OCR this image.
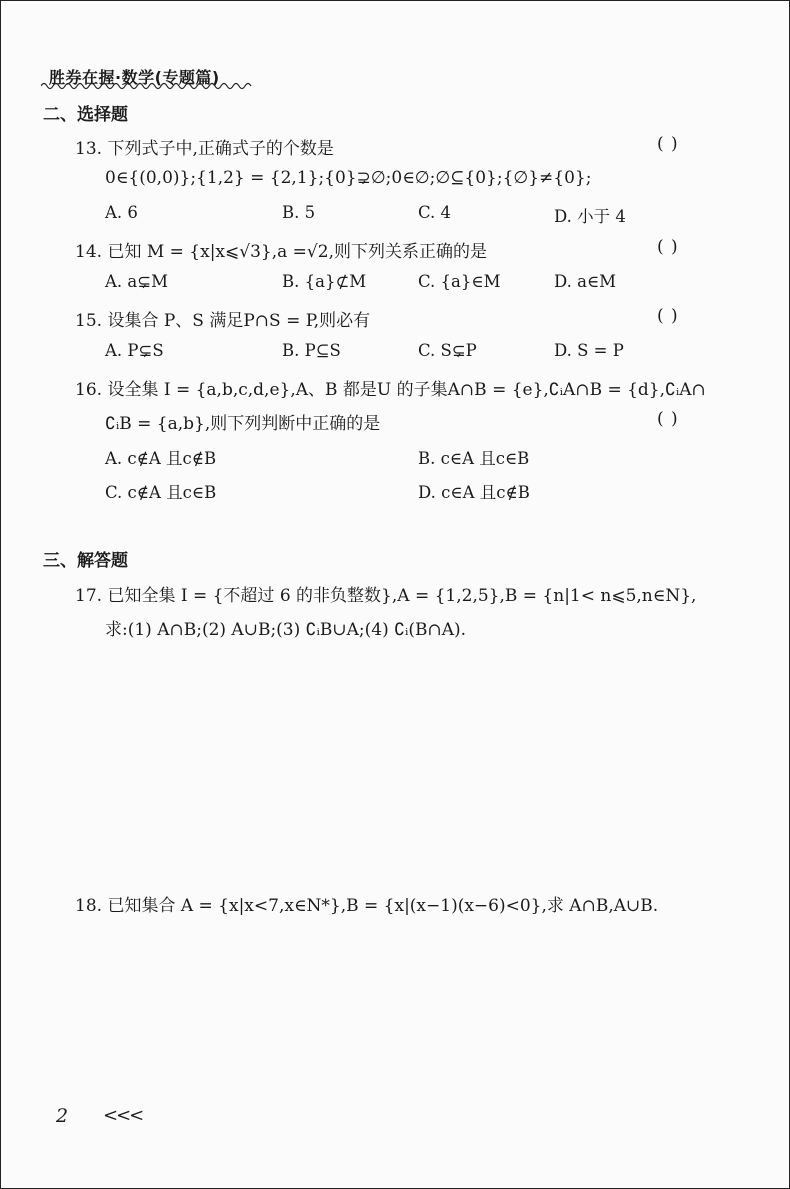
胜券在握·数学(专题篇)
二、选择题
13. 下列式子中,正确式子的个数是	( )
0∈{(0,0)};{1,2} = {2,1};{0}⊋∅;0∈∅;∅⊆{0};{∅}≠{0};
A. 6	B. 5	C. 4	D. 小于 4
14. 已知 M = {x|x⩽√3},a =√2,则下列关系正确的是	( )
A. a⊊M	B. {a}⊄M	C. {a}∈M	D. a∈M
15. 设集合 P、S 满足P∩S = P,则必有	( )
A. P⊊S	B. P⊆S	C. S⊊P	D. S = P
16. 设全集 I = {a,b,c,d,e},A、B 都是U 的子集A∩B = {e},∁ᵢA∩B = {d},∁ᵢA∩
∁ᵢB = {a,b},则下列判断中正确的是	( )
A. c∉A 且c∉B	B. c∈A 且c∈B
C. c∉A 且c∈B	D. c∈A 且c∉B
三、解答题
17. 已知全集 I = {不超过 6 的非负整数},A = {1,2,5},B = {n|1< n⩽5,n∈N},
求:(1) A∩B;(2) A∪B;(3) ∁ᵢB∪A;(4) ∁ᵢ(B∩A).
18. 已知集合 A = {x|x<7,x∈N*},B = {x|(x−1)(x−6)<0},求 A∩B,A∪B.
2 <<<
